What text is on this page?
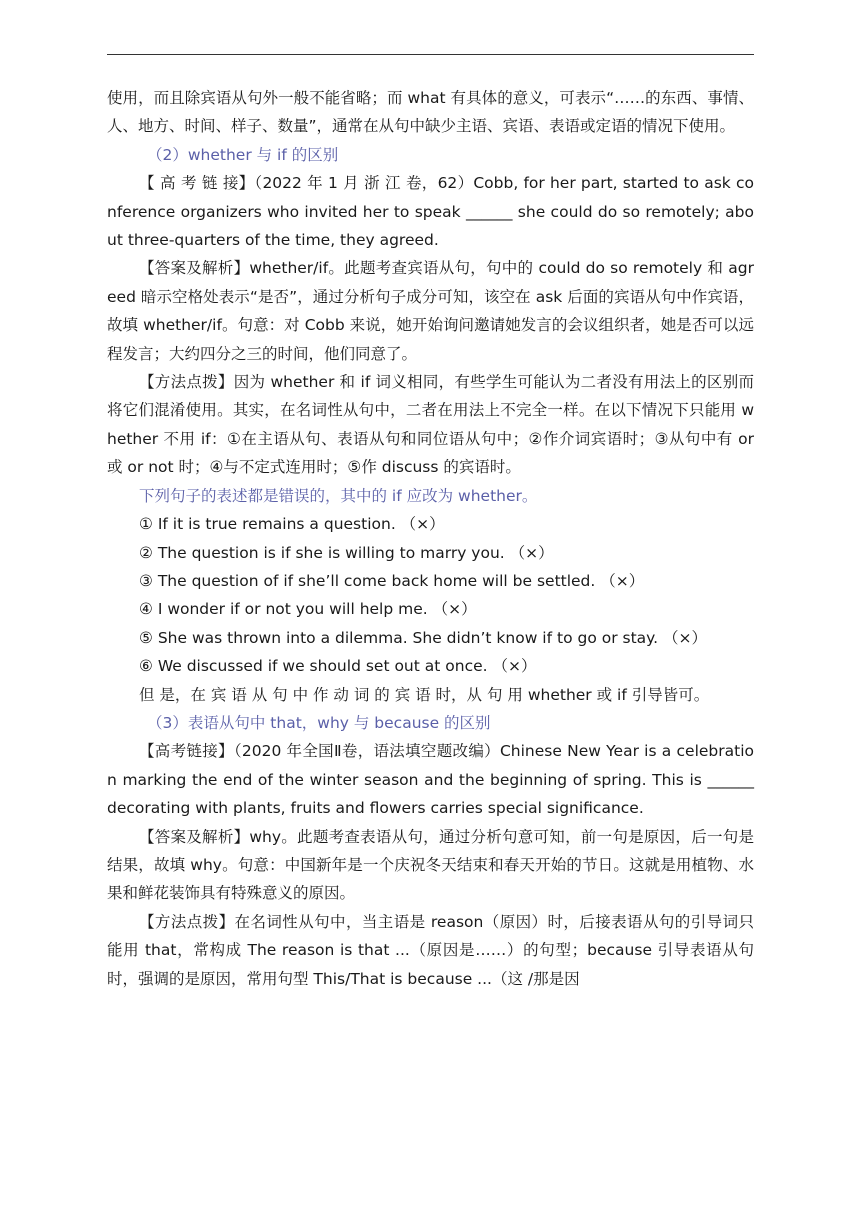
使用，而且除宾语从句外一般不能省略；而 what 有具体的意义，可表示“……的东西、事情、人、地方、时间、样子、数量”，通常在从句中缺少主语、宾语、表语或定语的情况下使用。

（2）whether 与 if 的区别

【 高 考 链 接】（2022 年 1 月 浙 江 卷，62）Cobb, for her part, started to ask conference organizers who invited her to speak ______ she could do so remotely; about three-quarters of the time, they agreed.

【答案及解析】whether/if。此题考查宾语从句，句中的 could do so remotely 和 agreed 暗示空格处表示“是否”，通过分析句子成分可知，该空在 ask 后面的宾语从句中作宾语，故填 whether/if。句意：对 Cobb 来说，她开始询问邀请她发言的会议组织者，她是否可以远程发言；大约四分之三的时间，他们同意了。

【方法点拨】因为 whether 和 if 词义相同，有些学生可能认为二者没有用法上的区别而将它们混淆使用。其实，在名词性从句中，二者在用法上不完全一样。在以下情况下只能用 whether 不用 if：①在主语从句、表语从句和同位语从句中；②作介词宾语时；③从句中有 or 或 or not 时；④与不定式连用时；⑤作 discuss 的宾语时。

下列句子的表述都是错误的，其中的 if 应改为 whether。

① If it is true remains a question. （×）

② The question is if she is willing to marry you. （×）

③ The question of if she’ll come back home will be settled. （×）

④ I wonder if or not you will help me. （×）

⑤ She was thrown into a dilemma. She didn’t know if to go or stay. （×）

⑥ We discussed if we should set out at once. （×）

但 是，在 宾 语 从 句 中 作 动 词 的 宾 语 时，从 句 用 whether 或 if 引导皆可。

（3）表语从句中 that，why 与 because 的区别

【高考链接】（2020 年全国Ⅱ卷，语法填空题改编）Chinese New Year is a celebration marking the end of the winter season and the beginning of spring. This is ______ decorating with plants, fruits and flowers carries special significance.

【答案及解析】why。此题考查表语从句，通过分析句意可知，前一句是原因，后一句是结果，故填 why。句意：中国新年是一个庆祝冬天结束和春天开始的节日。这就是用植物、水果和鲜花装饰具有特殊意义的原因。

【方法点拨】在名词性从句中，当主语是 reason（原因）时，后接表语从句的引导词只能用 that，常构成 The reason is that ...（原因是……）的句型；because 引导表语从句时，强调的是原因，常用句型 This/That is because ...（这 /那是因
